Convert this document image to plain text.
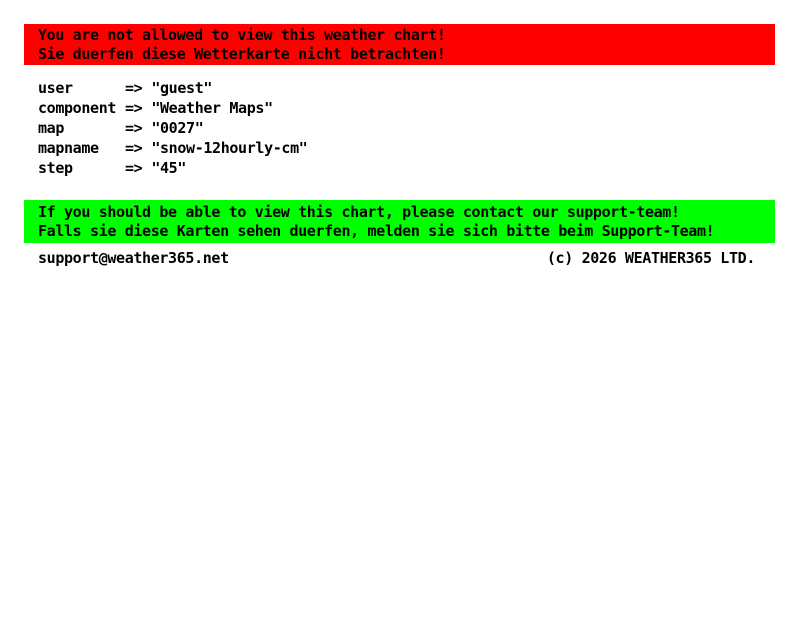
You are not allowed to view this weather chart!
Sie duerfen diese Wetterkarte nicht betrachten!
user	=> "guest"
component => "Weather Maps"
map	=> "0027"
mapname => "snow-12hourly-cm"
step	=> "45"
If you should be able to view this chart, please contact our support-team!
Falls sie diese Karten sehen duerfen, melden sie sich bitte beim Support-Team!
support@weather365.net	(c) 2026 WEATHER365 LTD.
